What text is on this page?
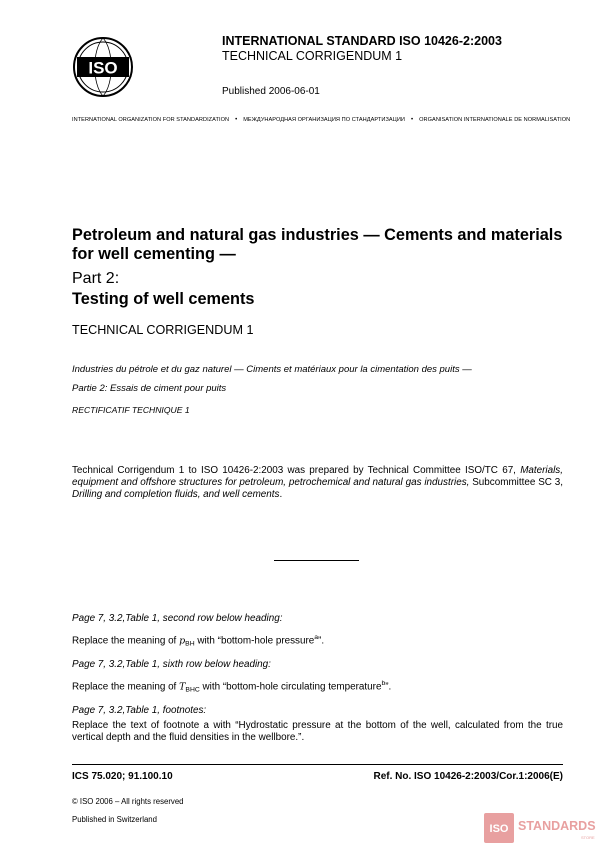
ISO
INTERNATIONAL STANDARD ISO 10426-2:2003
TECHNICAL CORRIGENDUM 1
Published 2006-06-01
INTERNATIONAL ORGANIZATION FOR STANDARDIZATION • МЕЖДУНАРОДНАЯ ОРГАНИЗАЦИЯ ПО СТАНДАРТИЗАЦИИ • ORGANISATION INTERNATIONALE DE NORMALISATION
Petroleum and natural gas industries — Cements and materials for well cementing —
Part 2:
Testing of well cements
TECHNICAL CORRIGENDUM 1
Industries du pétrole et du gaz naturel — Ciments et matériaux pour la cimentation des puits —
Partie 2: Essais de ciment pour puits
RECTIFICATIF TECHNIQUE 1
Technical Corrigendum 1 to ISO 10426-2:2003 was prepared by Technical Committee ISO/TC 67, Materials, equipment and offshore structures for petroleum, petrochemical and natural gas industries, Subcommittee SC 3, Drilling and completion fluids, and well cements.
Page 7, 3.2,Table 1, second row below heading:
Replace the meaning of $p_{BH}$ with “bottom-hole pressure$^a$”.
Page 7, 3.2,Table 1, sixth row below heading:
Replace the meaning of $T_{BHC}$ with “bottom-hole circulating temperature$^b$”.
Page 7, 3.2,Table 1, footnotes:
Replace the text of footnote a with “Hydrostatic pressure at the bottom of the well, calculated from the true vertical depth and the fluid densities in the wellbore.”.
ICS 75.020; 91.100.10	Ref. No. ISO 10426-2:2003/Cor.1:2006(E)
© ISO 2006 – All rights reserved
Published in Switzerland
ISO STANDARDS
STORE
